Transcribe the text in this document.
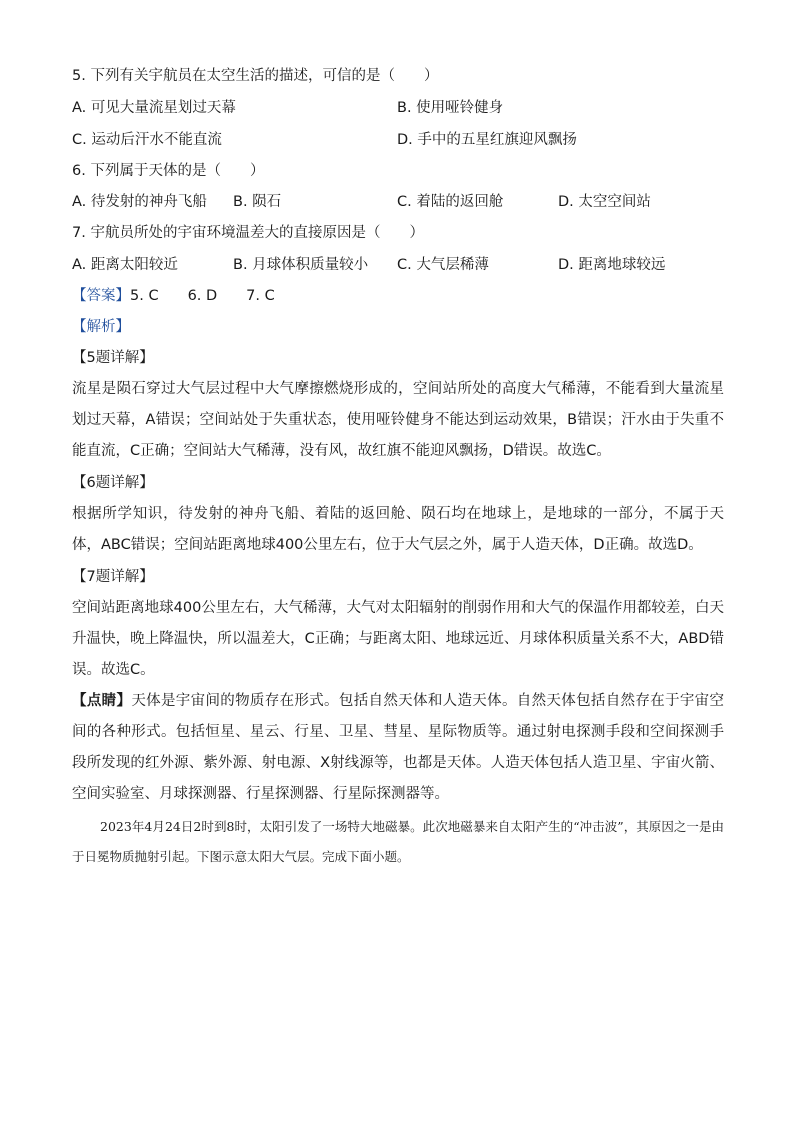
5. 下列有关宇航员在太空生活的描述，可信的是（　　）
A. 可见大量流星划过天幕	B. 使用哑铃健身
C. 运动后汗水不能直流	D. 手中的五星红旗迎风飘扬
6. 下列属于天体的是（　　）
A. 待发射的神舟飞船 B. 陨石	C. 着陆的返回舱	D. 太空空间站
7. 宇航员所处的宇宙环境温差大的直接原因是（　　）
A. 距离太阳较近	B. 月球体积质量较小 C. 大气层稀薄	D. 距离地球较远
【答案】5. C　　6. D　　7. C
【解析】
【5题详解】
流星是陨石穿过大气层过程中大气摩擦燃烧形成的，空间站所处的高度大气稀薄，不能看到大量流星划过天幕，A错误；空间站处于失重状态，使用哑铃健身不能达到运动效果，B错误；汗水由于失重不能直流，C正确；空间站大气稀薄，没有风，故红旗不能迎风飘扬，D错误。故选C。
【6题详解】
根据所学知识，待发射的神舟飞船、着陆的返回舱、陨石均在地球上，是地球的一部分，不属于天体，ABC错误；空间站距离地球400公里左右，位于大气层之外，属于人造天体，D正确。故选D。
【7题详解】
空间站距离地球400公里左右，大气稀薄，大气对太阳辐射的削弱作用和大气的保温作用都较差，白天升温快，晚上降温快，所以温差大，C正确；与距离太阳、地球远近、月球体积质量关系不大，ABD错误。故选C。
【点睛】天体是宇宙间的物质存在形式。包括自然天体和人造天体。自然天体包括自然存在于宇宙空间的各种形式。包括恒星、星云、行星、卫星、彗星、星际物质等。通过射电探测手段和空间探测手段所发现的红外源、紫外源、射电源、X射线源等，也都是天体。人造天体包括人造卫星、宇宙火箭、空间实验室、月球探测器、行星探测器、行星际探测器等。
2023年4月24日2时到8时，太阳引发了一场特大地磁暴。此次地磁暴来自太阳产生的“冲击波”，其原因之一是由于日冕物质抛射引起。下图示意太阳大气层。完成下面小题。
